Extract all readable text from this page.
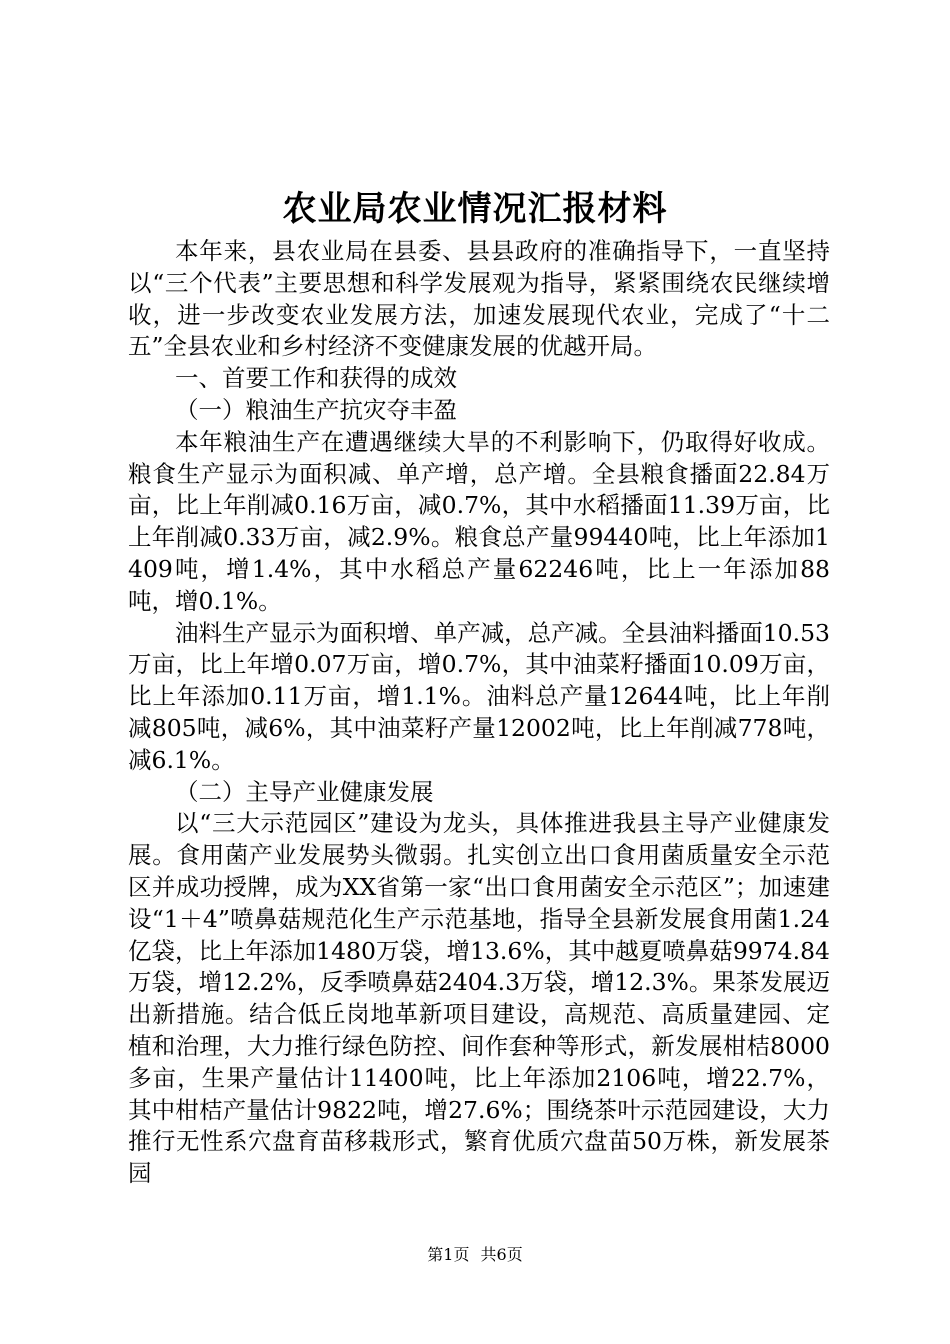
农业局农业情况汇报材料

本年来，县农业局在县委、县县政府的准确指导下，一直坚持以“三个代表”主要思想和科学发展观为指导，紧紧围绕农民继续增收，进一步改变农业发展方法，加速发展现代农业，完成了“十二五”全县农业和乡村经济不变健康发展的优越开局。

一、首要工作和获得的成效

（一）粮油生产抗灾夺丰盈

本年粮油生产在遭遇继续大旱的不利影响下，仍取得好收成。粮食生产显示为面积减、单产增，总产增。全县粮食播面22.84万亩，比上年削减0.16万亩，减0.7%，其中水稻播面11.39万亩，比上年削减0.33万亩，减2.9%。粮食总产量99440吨，比上年添加1409吨，增1.4%，其中水稻总产量62246吨，比上一年添加88吨，增0.1%。

油料生产显示为面积增、单产减，总产减。全县油料播面10.53万亩，比上年增0.07万亩，增0.7%，其中油菜籽播面10.09万亩，比上年添加0.11万亩，增1.1%。油料总产量12644吨，比上年削减805吨，减6%，其中油菜籽产量12002吨，比上年削减778吨，减6.1%。

（二）主导产业健康发展

以“三大示范园区”建设为龙头，具体推进我县主导产业健康发展。食用菌产业发展势头微弱。扎实创立出口食用菌质量安全示范区并成功授牌，成为XX省第一家“出口食用菌安全示范区”；加速建设“1＋4”喷鼻菇规范化生产示范基地，指导全县新发展食用菌1.24亿袋，比上年添加1480万袋，增13.6%，其中越夏喷鼻菇9974.84万袋，增12.2%，反季喷鼻菇2404.3万袋，增12.3%。果茶发展迈出新措施。结合低丘岗地革新项目建设，高规范、高质量建园、定植和治理，大力推行绿色防控、间作套种等形式，新发展柑桔8000多亩，生果产量估计11400吨，比上年添加2106吨，增22.7%，其中柑桔产量估计9822吨，增27.6%；围绕茶叶示范园建设，大力推行无性系穴盘育苗移栽形式，繁育优质穴盘苗50万株，新发展茶园

第1页 共6页
